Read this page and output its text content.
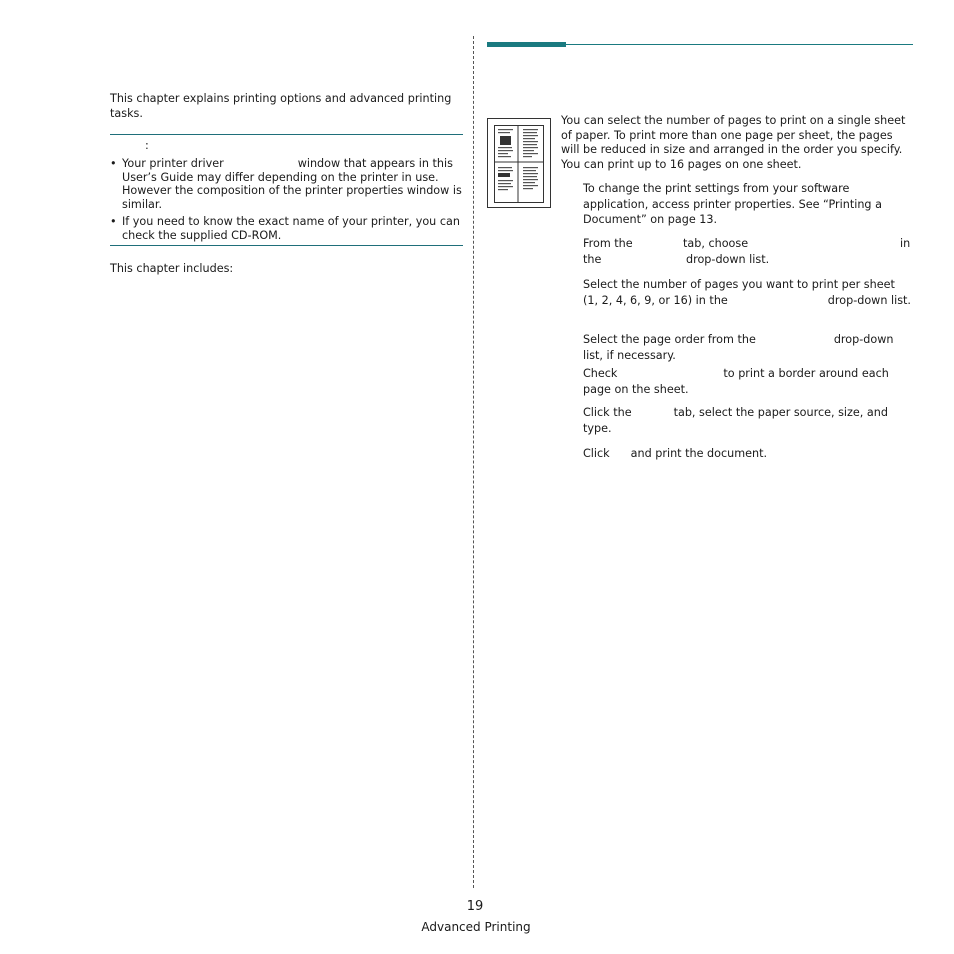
This chapter explains printing options and advanced printing tasks.
:
• Your printer driver	window that appears in this User’s Guide may differ depending on the printer in use. However the composition of the printer properties window is similar.
• If you need to know the exact name of your printer, you can check the supplied CD-ROM.
This chapter includes:
You can select the number of pages to print on a single sheet of paper. To print more than one page per sheet, the pages will be reduced in size and arranged in the order you specify. You can print up to 16 pages on one sheet.
To change the print settings from your software application, access printer properties. See “Printing a Document” on page 13.
From the	tab, choose	in
the	drop-down list.
Select the number of pages you want to print per sheet (1, 2, 4, 6, 9, or 16) in the	drop-down list.
Select the page order from the	drop-down list, if necessary.
Check	to print a border around each page on the sheet.
Click the	tab, select the paper source, size, and type.
Click and print the document.
19
Advanced Printing
